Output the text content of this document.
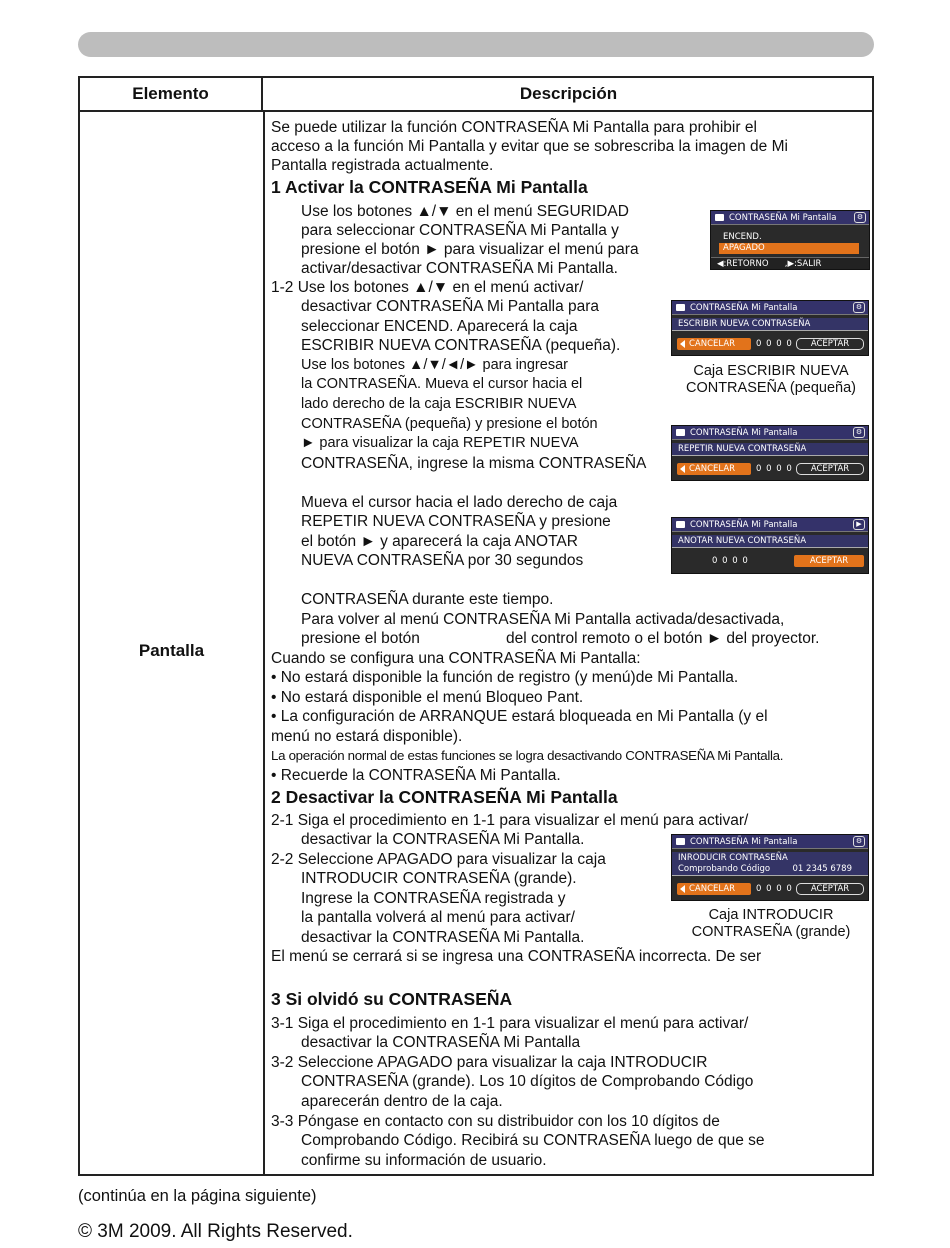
Elemento	Descripción
Pantalla
Se puede utilizar la función CONTRASEÑA Mi Pantalla para prohibir el
acceso a la función Mi Pantalla y evitar que se sobrescriba la imagen de Mi
Pantalla registrada actualmente.
1 Activar la CONTRASEÑA Mi Pantalla
Use los botones ▲/▼ en el menú SEGURIDAD
para seleccionar CONTRASEÑA Mi Pantalla y
presione el botón ► para visualizar el menú para
activar/desactivar CONTRASEÑA Mi Pantalla.
1-2 Use los botones ▲/▼ en el menú activar/
desactivar CONTRASEÑA Mi Pantalla para
seleccionar ENCEND. Aparecerá la caja
ESCRIBIR NUEVA CONTRASEÑA (pequeña).
Use los botones ▲/▼/◄/► para ingresar
la CONTRASEÑA. Mueva el cursor hacia el
lado derecho de la caja ESCRIBIR NUEVA
CONTRASEÑA (pequeña) y presione el botón
► para visualizar la caja REPETIR NUEVA
CONTRASEÑA, ingrese la misma CONTRASEÑA
Mueva el cursor hacia el lado derecho de caja
REPETIR NUEVA CONTRASEÑA y presione
el botón ► y aparecerá la caja ANOTAR
NUEVA CONTRASEÑA por 30 segundos
CONTRASEÑA durante este tiempo.
Para volver al menú CONTRASEÑA Mi Pantalla activada/desactivada,
presione el botón	del control remoto o el botón ► del proyector.
Cuando se configura una CONTRASEÑA Mi Pantalla:
• No estará disponible la función de registro (y menú)de Mi Pantalla.
• No estará disponible el menú Bloqueo Pant.
• La configuración de ARRANQUE estará bloqueada en Mi Pantalla (y el
menú no estará disponible).
La operación normal de estas funciones se logra desactivando CONTRASEÑA Mi Pantalla.
• Recuerde la CONTRASEÑA Mi Pantalla.
2 Desactivar la CONTRASEÑA Mi Pantalla
2-1 Siga el procedimiento en 1-1 para visualizar el menú para activar/
desactivar la CONTRASEÑA Mi Pantalla.
2-2 Seleccione APAGADO para visualizar la caja
INTRODUCIR CONTRASEÑA (grande).
Ingrese la CONTRASEÑA registrada y
la pantalla volverá al menú para activar/
desactivar la CONTRASEÑA Mi Pantalla.
El menú se cerrará si se ingresa una CONTRASEÑA incorrecta. De ser
3 Si olvidó su CONTRASEÑA
3-1 Siga el procedimiento en 1-1 para visualizar el menú para activar/
desactivar la CONTRASEÑA Mi Pantalla
3-2 Seleccione APAGADO para visualizar la caja INTRODUCIR
CONTRASEÑA (grande). Los 10 dígitos de Comprobando Código
aparecerán dentro de la caja.
3-3 Póngase en contacto con su distribuidor con los 10 dígitos de
Comprobando Código. Recibirá su CONTRASEÑA luego de que se
confirme su información de usuario.
CONTRASEÑA Mi Pantalla	⚙
ENCEND.
APAGADO
◀:RETORNO      ,▶:SALIR
CONTRASEÑA Mi Pantalla	⚙
ESCRIBIR NUEVA CONTRASEÑA
CANCELAR	0 0 0 0	ACEPTAR
Caja ESCRIBIR NUEVA
CONTRASEÑA (pequeña)
CONTRASEÑA Mi Pantalla	⚙
REPETIR NUEVA CONTRASEÑA
CANCELAR	0 0 0 0	ACEPTAR
CONTRASEÑA Mi Pantalla	▶
ANOTAR NUEVA CONTRASEÑA
0 0 0 0	ACEPTAR
CONTRASEÑA Mi Pantalla	⚙
INRODUCIR CONTRASEÑA
Comprobando Código	01 2345 6789
CANCELAR	0 0 0 0	ACEPTAR
Caja INTRODUCIR
CONTRASEÑA (grande)
(continúa en la página siguiente)
© 3M 2009. All Rights Reserved.
